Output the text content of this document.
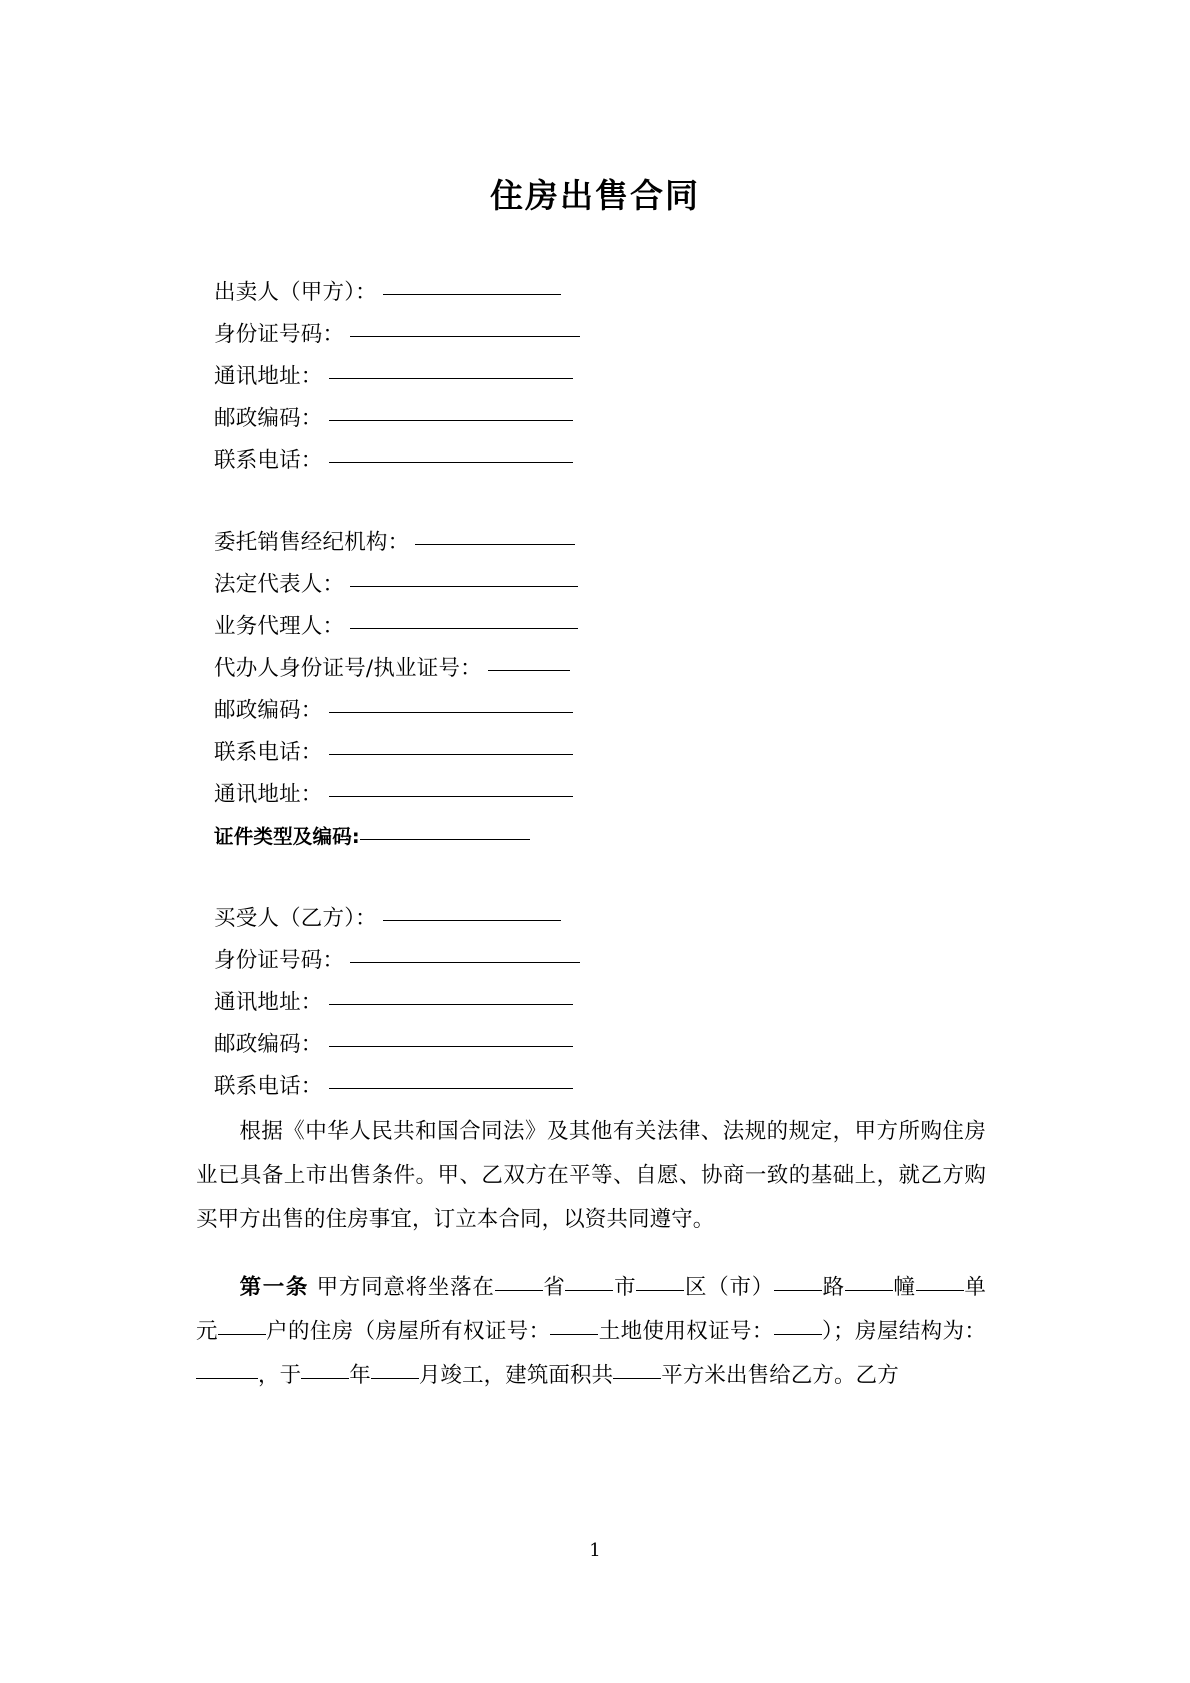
住房出售合同
出卖人（甲方）：
身份证号码：
通讯地址：
邮政编码：
联系电话：
委托销售经纪机构：
法定代表人：
业务代理人：
代办人身份证号/执业证号：
邮政编码：
联系电话：
通讯地址：
证件类型及编码:
买受人（乙方）：
身份证号码：
通讯地址：
邮政编码：
联系电话：

根据《中华人民共和国合同法》及其他有关法律、法规的规定，甲方所购住房业已具备上市出售条件。甲、乙双方在平等、自愿、协商一致的基础上，就乙方购买甲方出售的住房事宜，订立本合同，以资共同遵守。

第一条 甲方同意将坐落在 省 市 区（市） 路 幢 单元 户的住房（房屋所有权证号： 土地使用权证号： ）；房屋结构为：，于 年 月竣工，建筑面积共 平方米出售给乙方。乙方

1
